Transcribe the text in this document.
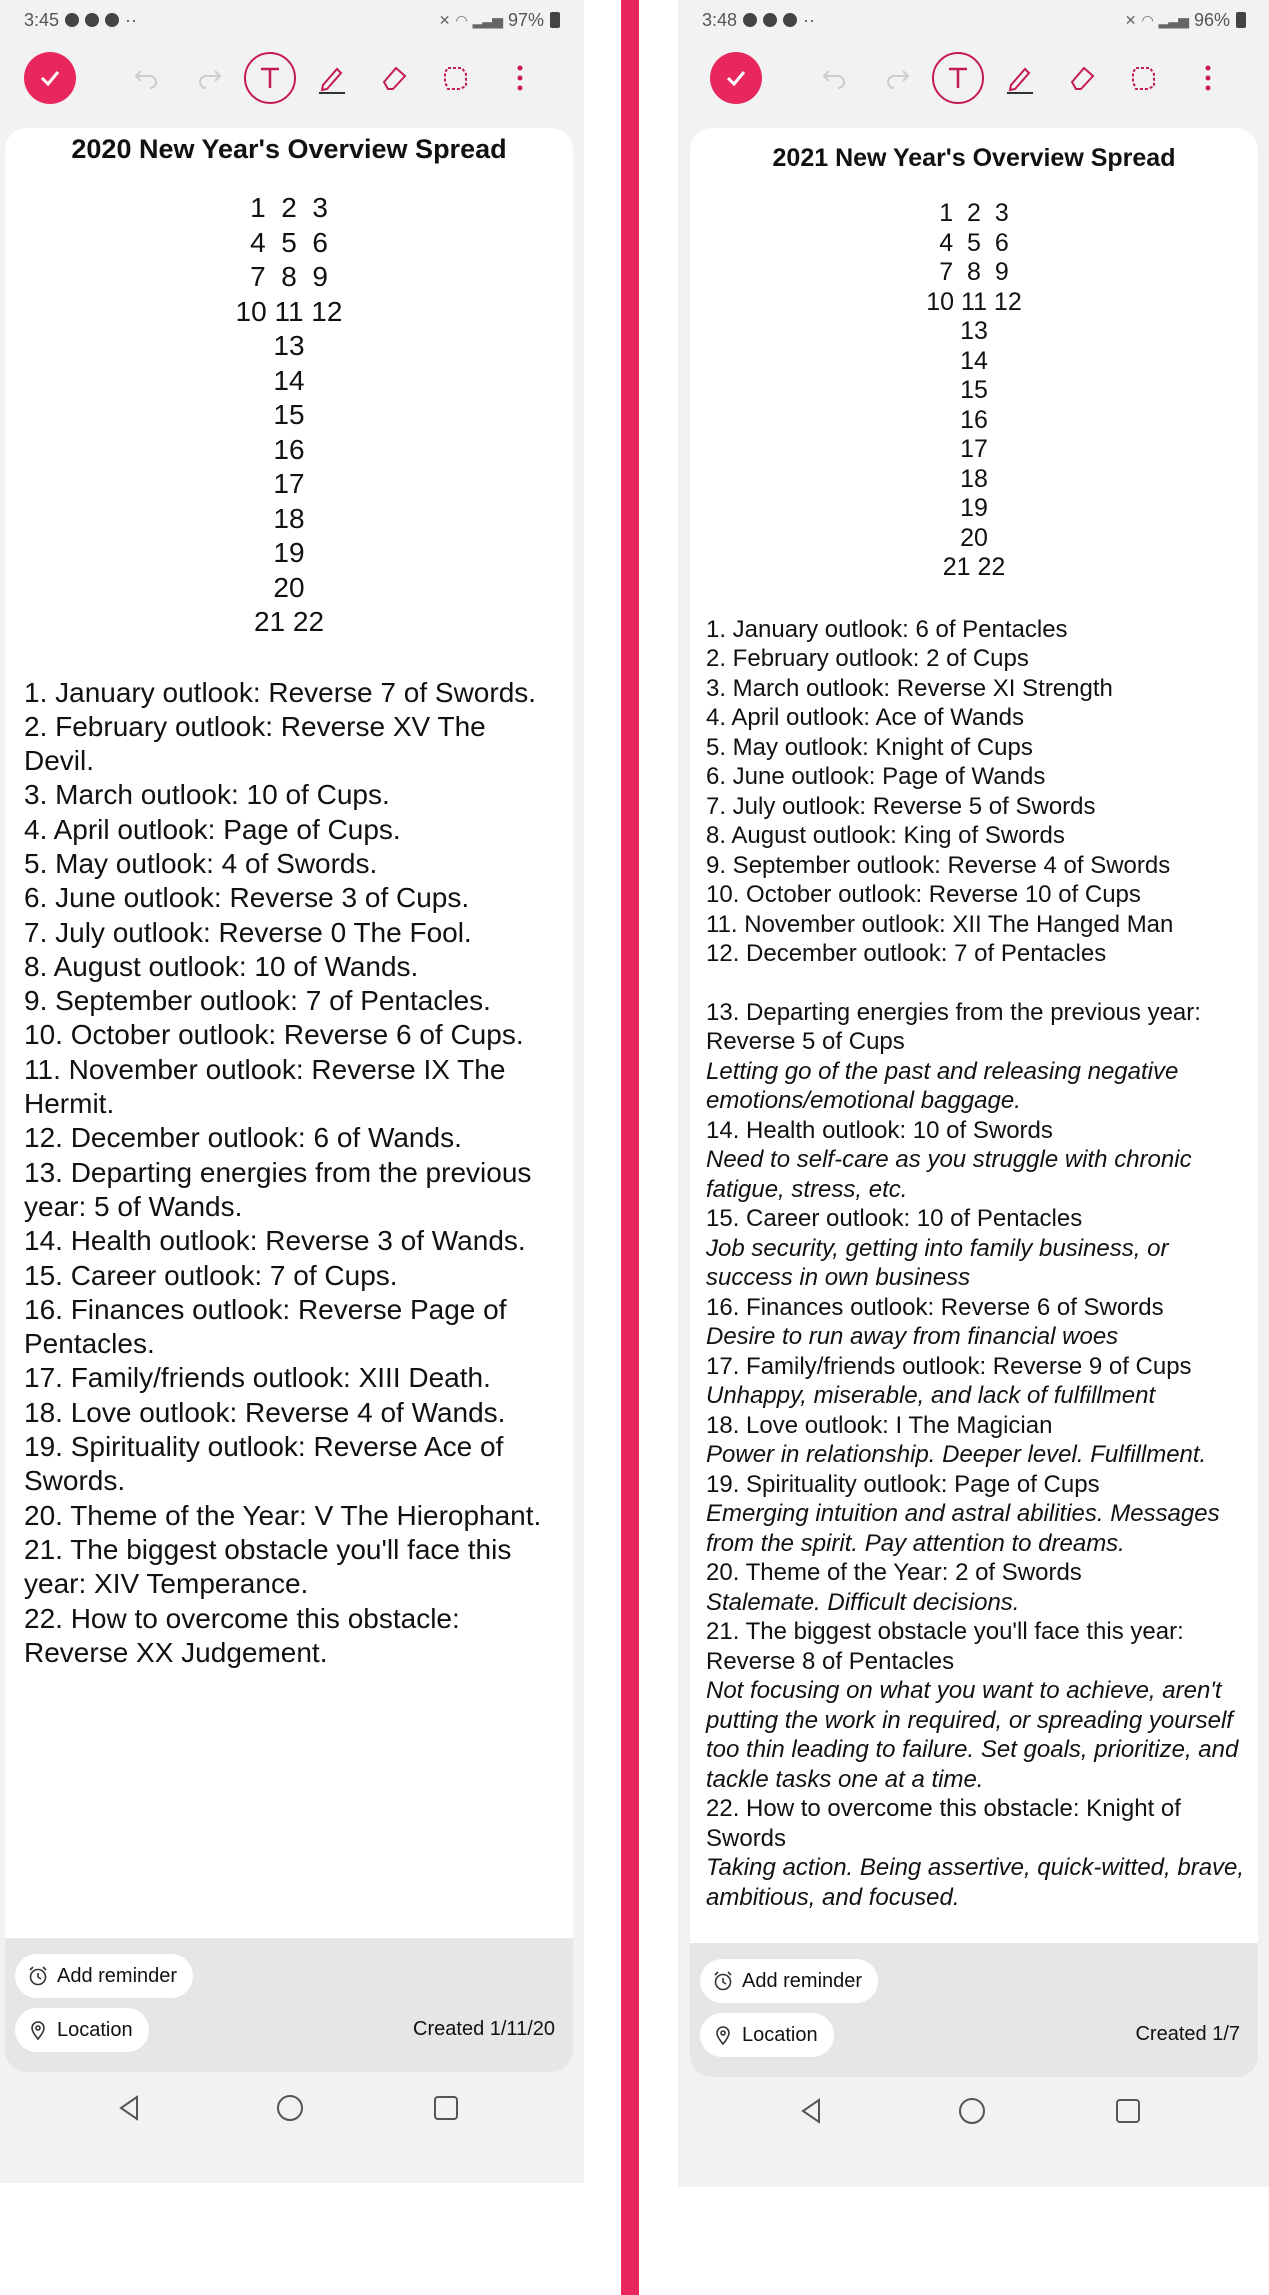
3:45	··	✕ ◠ ▂▃▅ 97%
2020 New Year's Overview Spread
1  2  3
4  5  6
7  8  9
10 11 12
13
14
15
16
17
18
19
20
21 22
1. January outlook: Reverse 7 of Swords.
2. February outlook: Reverse XV The Devil.
3. March outlook: 10 of Cups.
4. April outlook: Page of Cups.
5. May outlook: 4 of Swords.
6. June outlook: Reverse 3 of Cups.
7. July outlook: Reverse 0 The Fool.
8. August outlook: 10 of Wands.
9. September outlook: 7 of Pentacles.
10. October outlook: Reverse 6 of Cups.
11. November outlook: Reverse IX The Hermit.
12. December outlook: 6 of Wands.
13. Departing energies from the previous year: 5 of Wands.
14. Health outlook: Reverse 3 of Wands.
15. Career outlook: 7 of Cups.
16. Finances outlook: Reverse Page of Pentacles.
17. Family/friends outlook: XIII Death.
18. Love outlook: Reverse 4 of Wands.
19. Spirituality outlook: Reverse Ace of Swords.
20. Theme of the Year: V The Hierophant.
21. The biggest obstacle you'll face this year: XIV Temperance.
22. How to overcome this obstacle: Reverse XX Judgement.
Add reminder
Location	Created 1/11/20
3:48	··	✕ ◠ ▂▃▅ 96%
2021 New Year's Overview Spread
1  2  3
4  5  6
7  8  9
10 11 12
13
14
15
16
17
18
19
20
21 22
1. January outlook: 6 of Pentacles
2. February outlook: 2 of Cups
3. March outlook: Reverse XI Strength
4. April outlook: Ace of Wands
5. May outlook: Knight of Cups
6. June outlook: Page of Wands
7. July outlook: Reverse 5 of Swords
8. August outlook: King of Swords
9. September outlook: Reverse 4 of Swords
10. October outlook: Reverse 10 of Cups
11. November outlook: XII The Hanged Man
12. December outlook: 7 of Pentacles
13. Departing energies from the previous year: Reverse 5 of Cups
Letting go of the past and releasing negative emotions/emotional baggage.
14. Health outlook: 10 of Swords
Need to self-care as you struggle with chronic fatigue, stress, etc.
15. Career outlook: 10 of Pentacles
Job security, getting into family business, or success in own business
16. Finances outlook: Reverse 6 of Swords
Desire to run away from financial woes
17. Family/friends outlook: Reverse 9 of Cups
Unhappy, miserable, and lack of fulfillment
18. Love outlook: I The Magician
Power in relationship. Deeper level. Fulfillment.
19. Spirituality outlook: Page of Cups
Emerging intuition and astral abilities. Messages from the spirit. Pay attention to dreams.
20. Theme of the Year: 2 of Swords
Stalemate. Difficult decisions.
21. The biggest obstacle you'll face this year: Reverse 8 of Pentacles
Not focusing on what you want to achieve, aren't putting the work in required, or spreading yourself too thin leading to failure. Set goals, prioritize, and tackle tasks one at a time.
22. How to overcome this obstacle: Knight of Swords
Taking action. Being assertive, quick-witted, brave, ambitious, and focused.
Add reminder
Location	Created 1/7
